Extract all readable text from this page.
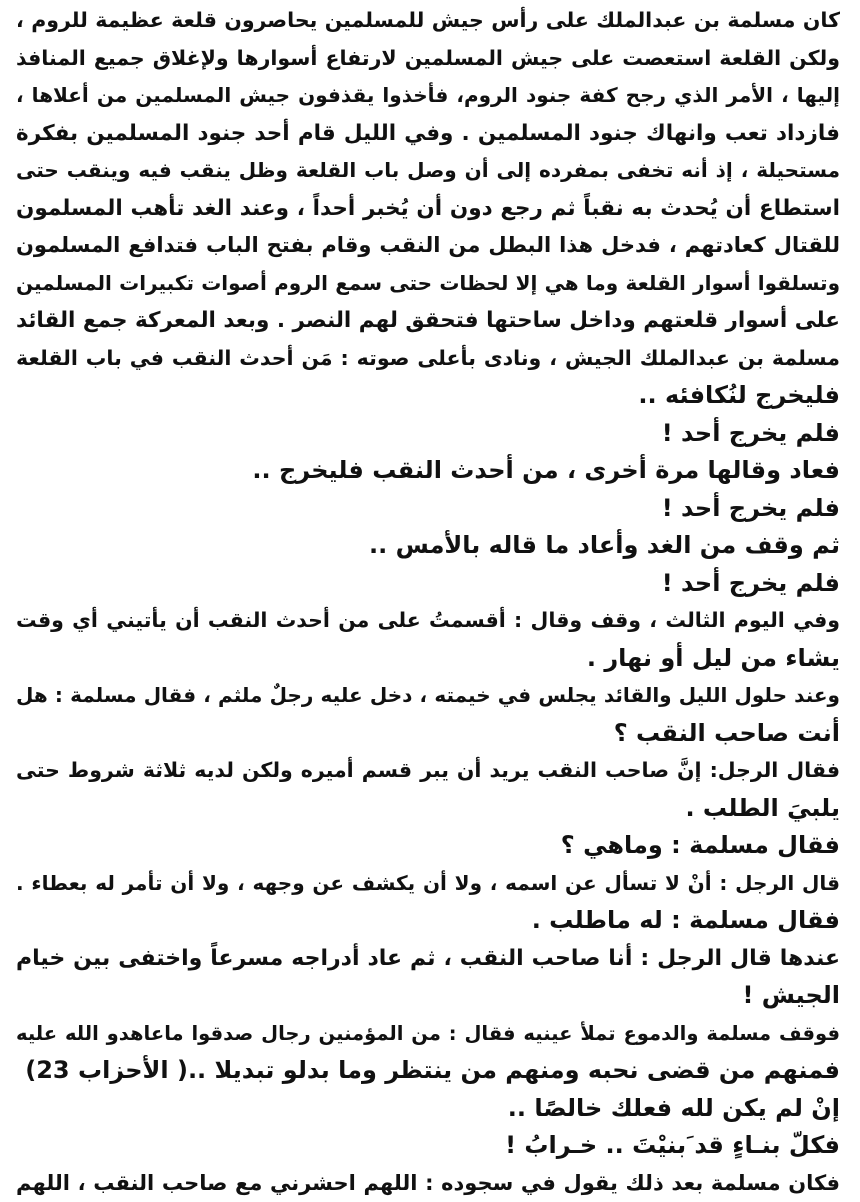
كان مسلمة بن عبدالملك على رأس جيش للمسلمين يحاصرون قلعة عظيمة للروم ،
ولكن القلعة استعصت على جيش المسلمين لارتفاع أسوارها ولإغلاق جميع المنافذ
إليها ، الأمر الذي رجح كفة جنود الروم، فأخذوا يقذفون جيش المسلمين من أعلاها ،
فازداد تعب وانهاك جنود المسلمين . وفي الليل قام أحد جنود المسلمين بفكرة
مستحيلة ، إذ أنه تخفى بمفرده إلى أن وصل باب القلعة وظل ينقب فيه وينقب حتى
استطاع أن يُحدث به نقباً ثم رجع دون أن يُخبر أحداً ، وعند الغد تأهب المسلمون
للقتال كعادتهم ، فدخل هذا البطل من النقب وقام بفتح الباب فتدافع المسلمون
وتسلقوا أسوار القلعة وما هي إلا لحظات حتى سمع الروم أصوات تكبيرات المسلمين
على أسوار قلعتهم وداخل ساحتها فتحقق لهم النصر . وبعد المعركة جمع القائد
مسلمة بن عبدالملك الجيش ، ونادى بأعلى صوته : مَن أحدث النقب في باب القلعة
فليخرج لنُكافئه ..
فلم يخرج أحد !
فعاد وقالها مرة أخرى ، من أحدث النقب فليخرج ..
فلم يخرج أحد !
ثم وقف من الغد وأعاد ما قاله بالأمس ..
فلم يخرج أحد !
وفي اليوم الثالث ، وقف وقال : أقسمتُ على من أحدث النقب أن يأتيني أي وقت
يشاء من ليل أو نهار .
وعند حلول الليل والقائد يجلس في خيمته ، دخل عليه رجلٌ ملثم ، فقال مسلمة : هل
أنت صاحب النقب ؟
فقال الرجل: إنَّ صاحب النقب يريد أن يبر قسم أميره ولكن لديه ثلاثة شروط حتى
يلبيَ الطلب .
فقال مسلمة : وماهي ؟
قال الرجل : أنْ لا تسأل عن اسمه ، ولا أن يكشف عن وجهه ، ولا أن تأمر له بعطاء .
فقال مسلمة : له ماطلب .
عندها قال الرجل : أنا صاحب النقب ، ثم عاد أدراجه مسرعاً واختفى بين خيام
الجيش !
فوقف مسلمة والدموع تملأ عينيه فقال : من المؤمنين رجال صدقوا ماعاهدو الله عليه
فمنهم من قضى نحبه ومنهم من ينتظر وما بدلو تبديلا ..( الأحزاب 23)
إنْ لم يكن لله فعلك خالصًا ..
فكلّ بنـاءٍ قد َبنيْتَ .. خـرابُ !
فكان مسلمة بعد ذلك يقول في سجوده : اللهم احشرني مع صاحب النقب ، اللهم
